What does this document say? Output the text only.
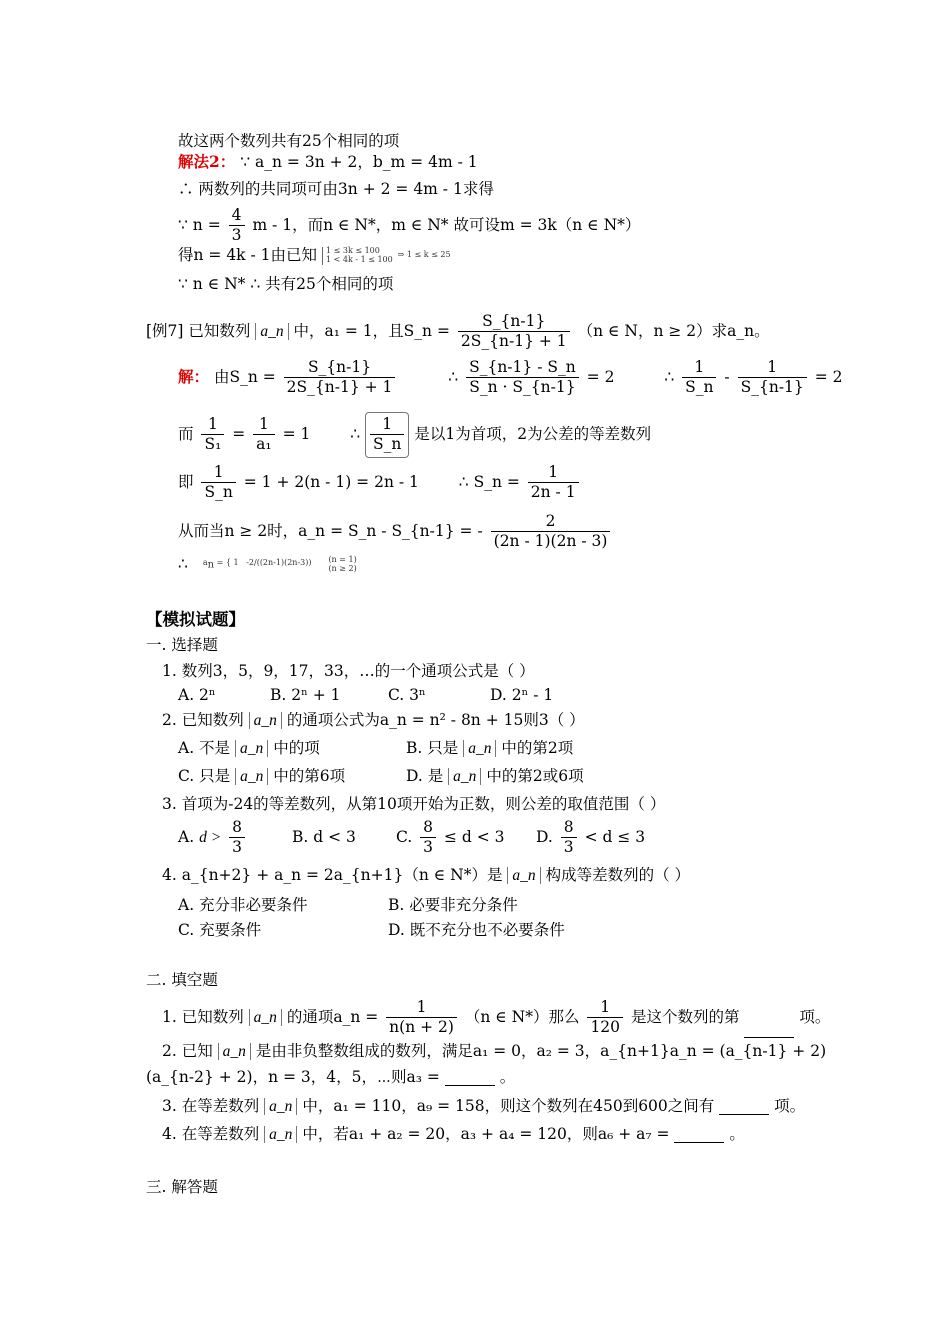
故这两个数列共有25个相同的项
解法2： ∵ a_n = 3n + 2，b_m = 4m - 1
∴ 两数列的共同项可由3n + 2 = 4m - 1求得
∵ $n = \frac{4}{3}$ m - 1，而n ∈ N*，m ∈ N* 故可设m = 3k（n ∈ N*）
得n = 4k - 1由已知 1 ≤ 3k ≤ 100
1 < 4k - 1 ≤ 100 ⇒ 1 ≤ k ≤ 25
∵ n ∈ N* ∴ 共有25个相同的项
[例7] 已知数列 a_n 中，a₁ = 1，且S_n = $\frac{S\_\{n-1\}}{2S\_\{n-1\} + 1} (n$ ∈ N，n ≥ 2）求a_n。
解： 由S_n = $\frac{S\_\{n-1\}}{2S\_\{n-1\} + 1}$	∴ $\frac{S\_\{n-1\} - S\_n}{S\_n \cdot S\_\{n-1\}} = 2$	∴ $\frac{1}{S\_n} - \frac{1}{S\_\{n-1\}} = 2$
而 $\frac{1}{\text{S₁}} = \frac{1}{\text{a₁}} = 1$	∴ $\frac{1}{S\_n}$ 是以1为首项，2为公差的等差数列
即 $\frac{1}{S\_n} = 1 + 2(n - 1) = 2n - 1$	∴ S_n = $\frac{1}{2n - 1}$
从而当n ≥ 2时，a_n = S_n - S_{n-1} = - $\frac{2}{(2n - 1)(2n - 3)}$
∴ $a_n$ = { 1 -2/((2n-1)(2n-3)) (n = 1)
(n ≥ 2)
【模拟试题】
一. 选择题
1. 数列3，5，9，17，33，…的一个通项公式是（ ）
A. 2ⁿ	B. 2ⁿ + 1	C. 3ⁿ	D. 2ⁿ - 1
2. 已知数列 a_n 的通项公式为a_n = n² - 8n + 15则3（ ）
A. 不是 a_n 中的项	B. 只是 a_n 中的第2项
C. 只是 a_n 中的第6项	D. 是 a_n 中的第2或6项
3. 首项为-24的等差数列，从第10项开始为正数，则公差的取值范围（ ）
A. $d > \frac{8}{3}$	B. d < 3	C. $\frac{8}{3} \le d < 3$ D. $\frac{8}{3} < d \le 3$
4. a_{n+2} + a_n = 2a_{n+1}（n ∈ N*）是 a_n 构成等差数列的（ ）
A. 充分非必要条件	B. 必要非充分条件
C. 充要条件	D. 既不充分也不必要条件
二. 填空题
1. 已知数列 a_n 的通项a_n = $\frac{1}{n(n + 2)} (n$ ∈ N*）那么 $\frac{1}{120}$ 是这个数列的第	项。
2. 已知 a_n 是由非负整数组成的数列，满足a₁ = 0，a₂ = 3，a_{n+1}a_n = (a_{n-1} + 2)
(a_{n-2} + 2)，n = 3，4，5，⋯则a₃ =	。
3. 在等差数列 a_n 中，a₁ = 110，a₉ = 158，则这个数列在450到600之间有	项。
4. 在等差数列 a_n 中，若a₁ + a₂ = 20，a₃ + a₄ = 120，则a₆ + a₇ =	。
三. 解答题
